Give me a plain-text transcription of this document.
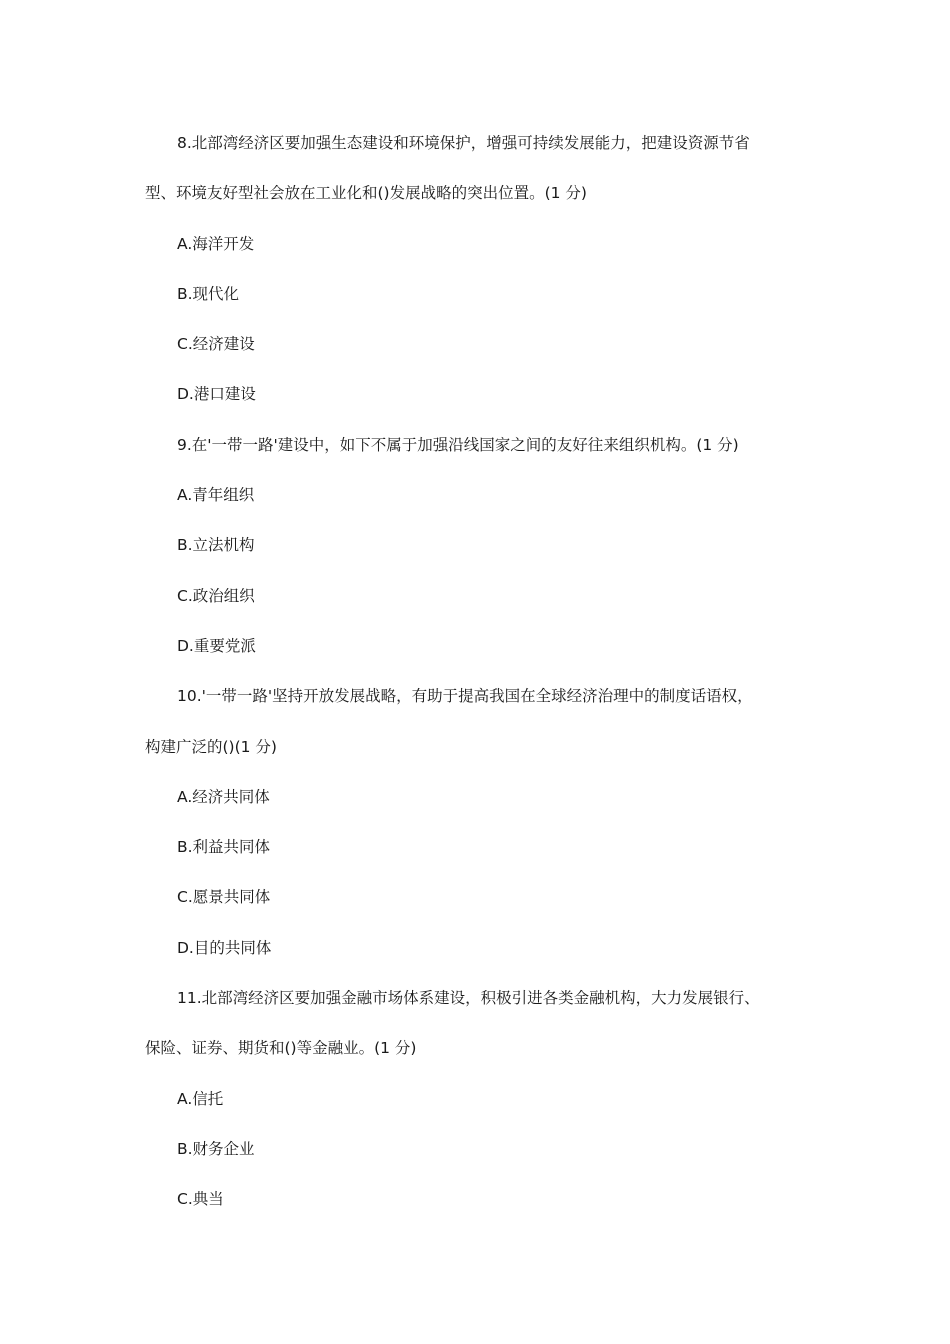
8.北部湾经济区要加强生态建设和环境保护，增强可持续发展能力，把建设资源节省

型、环境友好型社会放在工业化和()发展战略的突出位置。(1 分)

A.海洋开发

B.现代化

C.经济建设

D.港口建设

9.在'一带一路'建设中，如下不属于加强沿线国家之间的友好往来组织机构。(1 分)

A.青年组织

B.立法机构

C.政治组织

D.重要党派

10.'一带一路'坚持开放发展战略，有助于提高我国在全球经济治理中的制度话语权，

构建广泛的()(1 分)

A.经济共同体

B.利益共同体

C.愿景共同体

D.目的共同体

11.北部湾经济区要加强金融市场体系建设，积极引进各类金融机构，大力发展银行、

保险、证券、期货和()等金融业。(1 分)

A.信托

B.财务企业

C.典当
